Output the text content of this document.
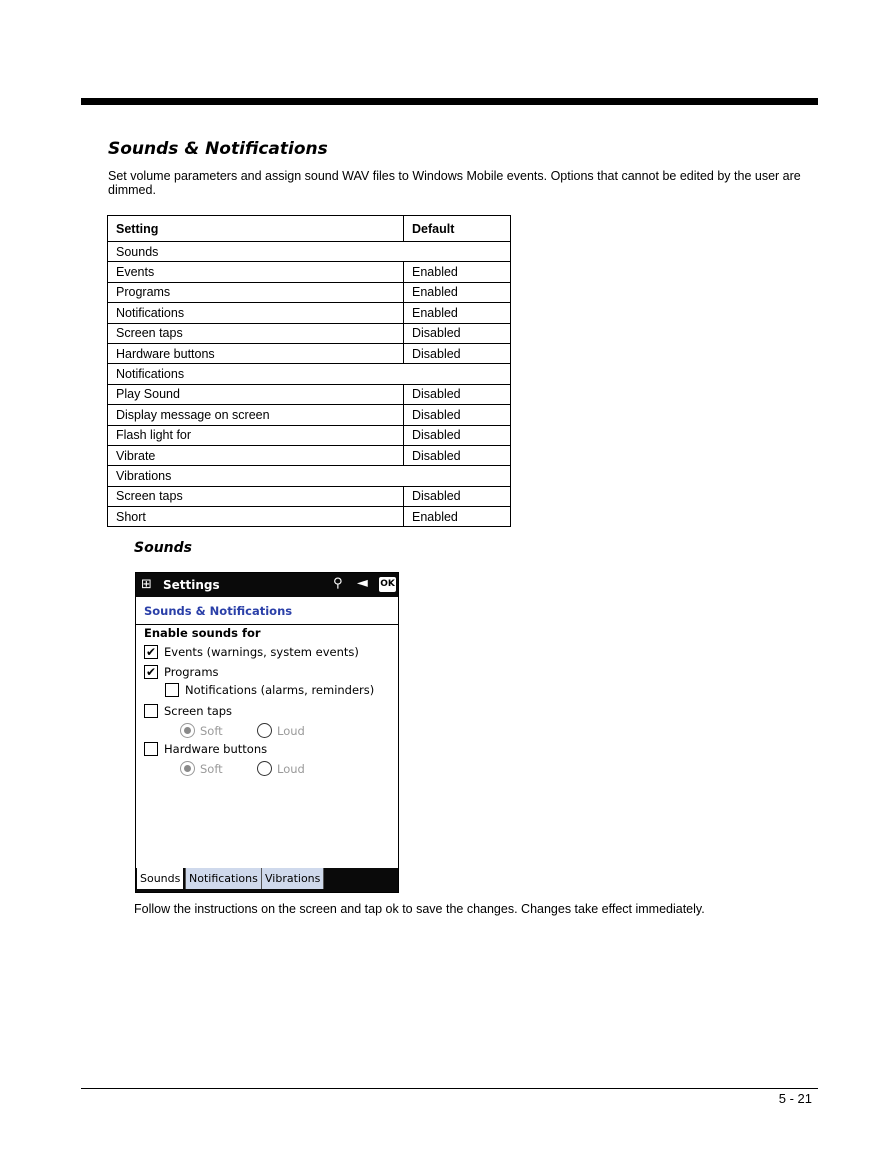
Sounds & Notifications

Set volume parameters and assign sound WAV files to Windows Mobile events. Options that cannot be edited by the user are dimmed.

Setting	Default
Sounds	
Events	Enabled
Programs	Enabled
Notifications	Enabled
Screen taps	Disabled
Hardware buttons	Disabled
Notifications	
Play Sound	Disabled
Display message on screen	Disabled
Flash light for	Disabled
Vibrate	Disabled
Vibrations	
Screen taps	Disabled
Short	Enabled
Sounds
⊞ Settings	⚲ ◄ OK
Sounds & Notifications
Enable sounds for
✔ Events (warnings, system events)
✔ Programs
Notifications (alarms, reminders)
Screen taps
Soft	Loud
Hardware buttons
Soft	Loud
Sounds Notifications Vibrations

Follow the instructions on the screen and tap ok to save the changes. Changes take effect immediately.

5 - 21
